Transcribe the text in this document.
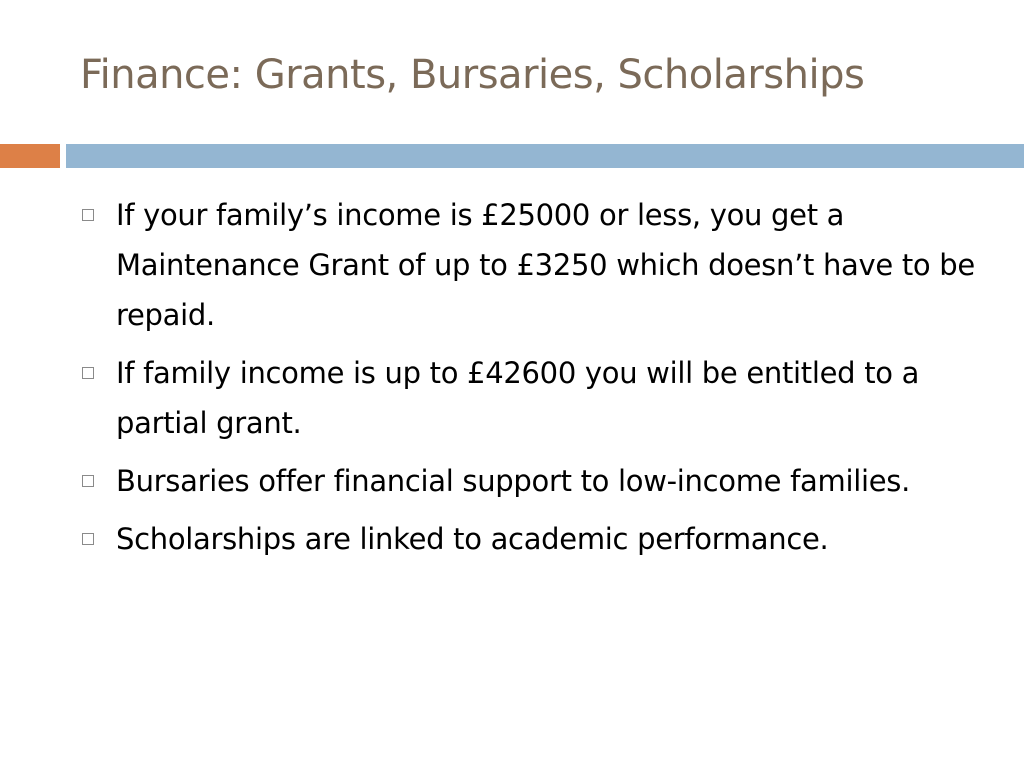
Finance: Grants, Bursaries, Scholarships
If your family’s income is £25000 or less, you get a Maintenance Grant of up to £3250 which doesn’t have to be repaid.
If family income is up to £42600 you will be entitled to a partial grant.
Bursaries offer financial support to low-income families.
Scholarships are linked to academic performance.
